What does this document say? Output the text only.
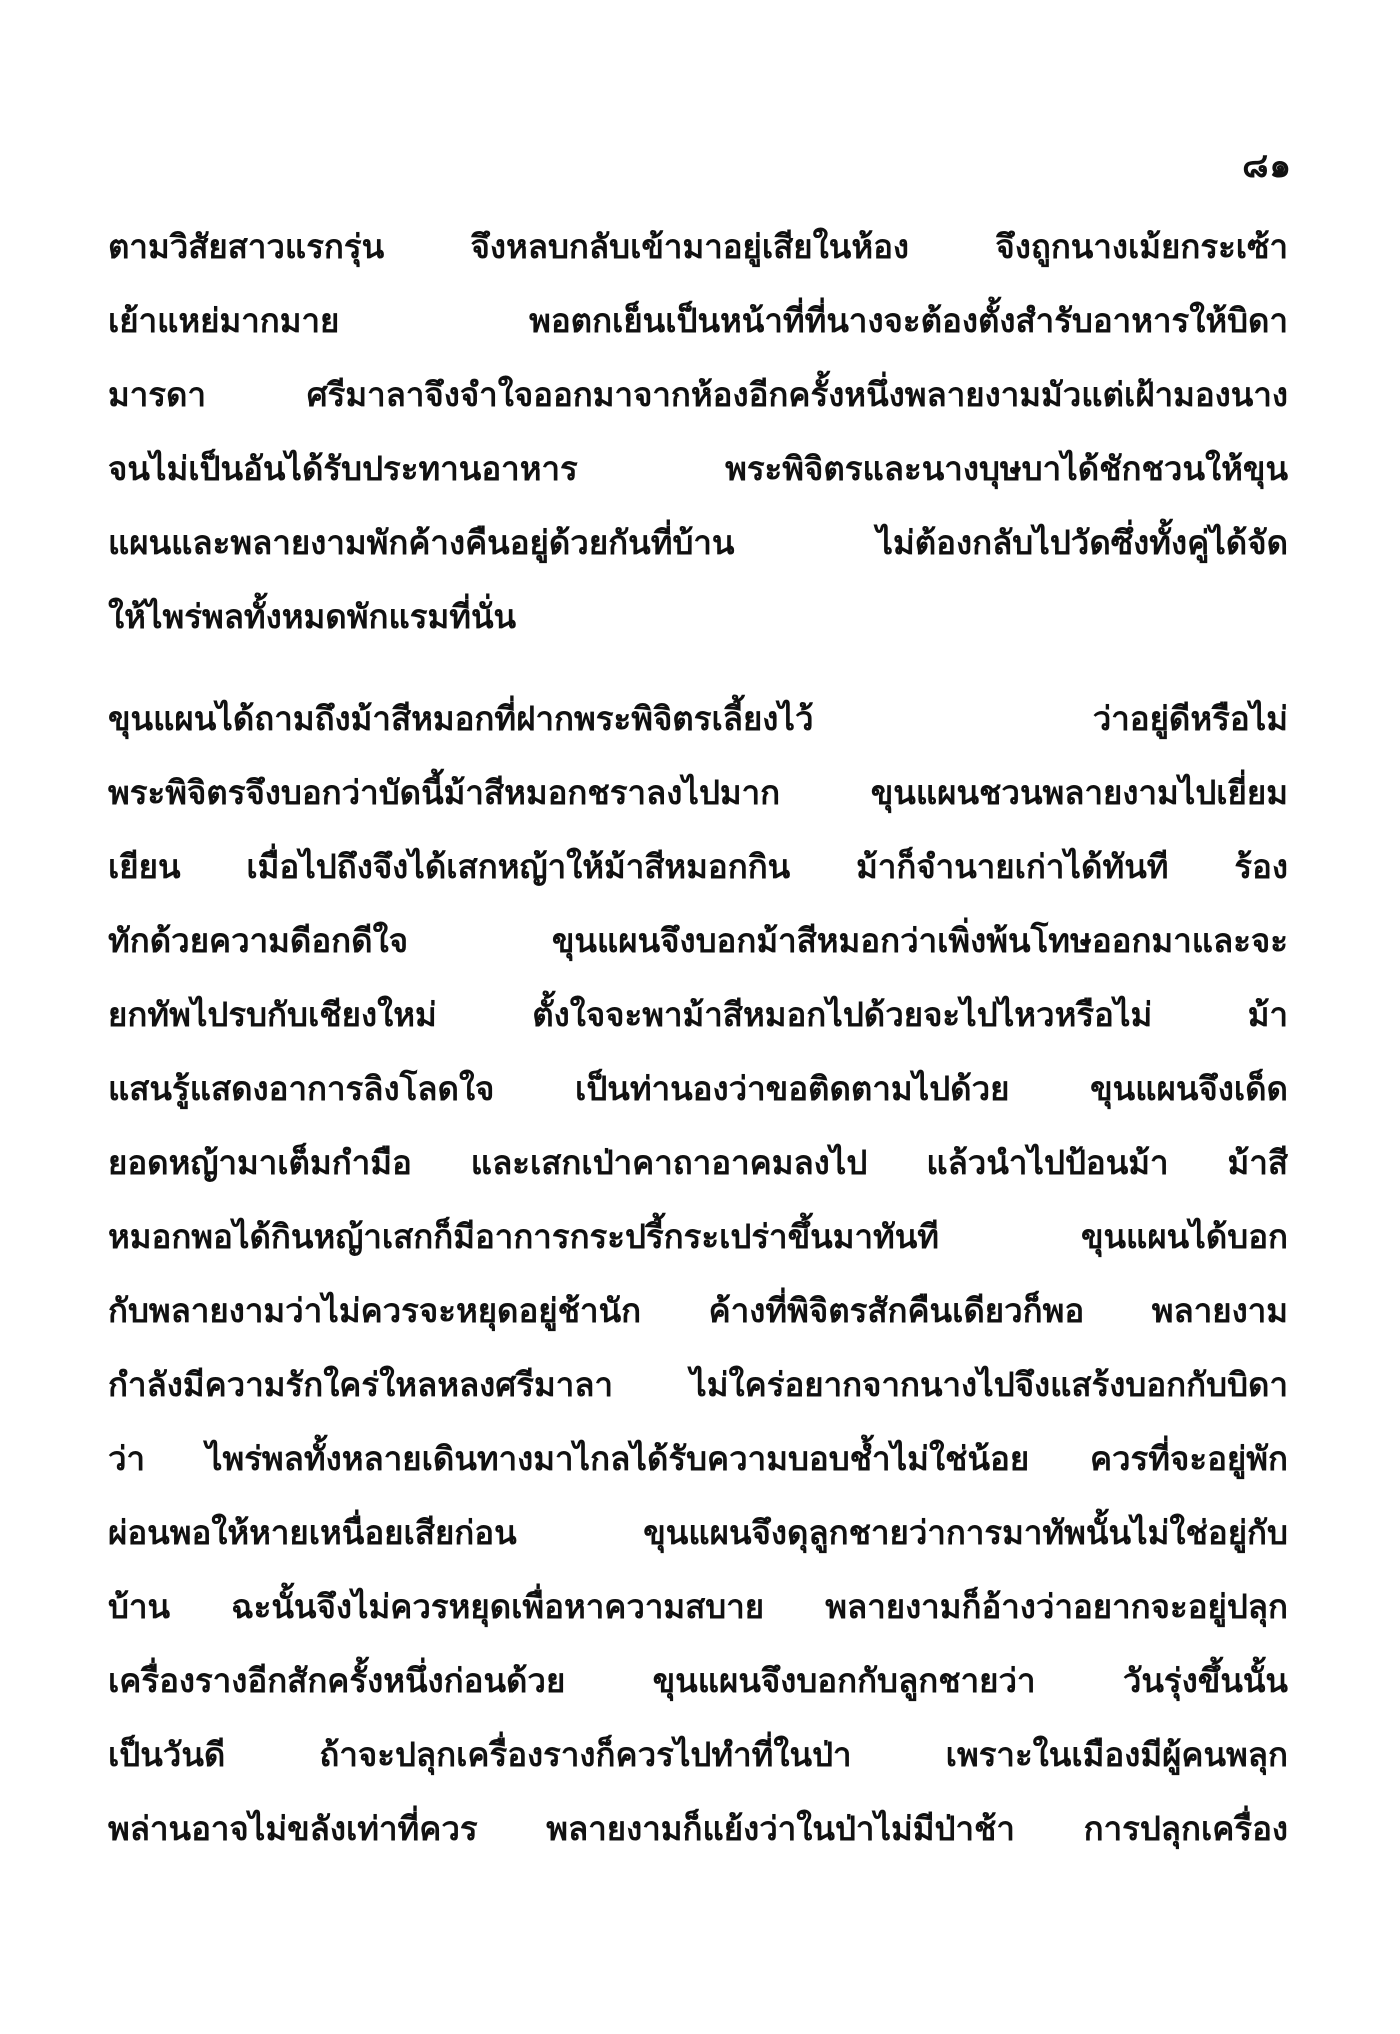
๘๑
ตามวิสัยสาวแรกรุ่น จึงหลบกลับเข้ามาอยู่เสียในห้อง จึงถูกนางเม้ยกระเซ้า
เย้าแหย่มากมาย พอตกเย็นเป็นหน้าที่ที่นางจะต้องตั้งสำรับอาหารให้บิดา
มารดา ศรีมาลาจึงจำใจออกมาจากห้องอีกครั้งหนึ่งพลายงามมัวแต่เฝ้ามองนาง
จนไม่เป็นอันได้รับประทานอาหาร พระพิจิตรและนางบุษบาได้ชักชวนให้ขุน
แผนและพลายงามพักค้างคืนอยู่ด้วยกันที่บ้าน ไม่ต้องกลับไปวัดซึ่งทั้งคู่ได้จัด
ให้ไพร่พลทั้งหมดพักแรมที่นั่น
ขุนแผนได้ถามถึงม้าสีหมอกที่ฝากพระพิจิตรเลี้ยงไว้ ว่าอยู่ดีหรือไม่
พระพิจิตรจึงบอกว่าบัดนี้ม้าสีหมอกชราลงไปมาก ขุนแผนชวนพลายงามไปเยี่ยม
เยียน เมื่อไปถึงจึงได้เสกหญ้าให้ม้าสีหมอกกิน ม้าก็จำนายเก่าได้ทันที ร้อง
ทักด้วยความดีอกดีใจ ขุนแผนจึงบอกม้าสีหมอกว่าเพิ่งพ้นโทษออกมาและจะ
ยกทัพไปรบกับเชียงใหม่ ตั้งใจจะพาม้าสีหมอกไปด้วยจะไปไหวหรือไม่ ม้า
แสนรู้แสดงอาการลิงโลดใจ เป็นท่านองว่าขอติดตามไปด้วย ขุนแผนจึงเด็ด
ยอดหญ้ามาเต็มกำมือ และเสกเป่าคาถาอาคมลงไป แล้วนำไปป้อนม้า ม้าสี
หมอกพอได้กินหญ้าเสกก็มีอาการกระปรี้กระเปร่าขึ้นมาทันที ขุนแผนได้บอก
กับพลายงามว่าไม่ควรจะหยุดอยู่ช้านัก ค้างที่พิจิตรสักคืนเดียวก็พอ พลายงาม
กำลังมีความรักใคร่ใหลหลงศรีมาลา ไม่ใคร่อยากจากนางไปจึงแสร้งบอกกับบิดา
ว่า ไพร่พลทั้งหลายเดินทางมาไกลได้รับความบอบช้ำไม่ใช่น้อย ควรที่จะอยู่พัก
ผ่อนพอให้หายเหนื่อยเสียก่อน ขุนแผนจึงดุลูกชายว่าการมาทัพนั้นไม่ใช่อยู่กับ
บ้าน ฉะนั้นจึงไม่ควรหยุดเพื่อหาความสบาย พลายงามก็อ้างว่าอยากจะอยู่ปลุก
เครื่องรางอีกสักครั้งหนึ่งก่อนด้วย ขุนแผนจึงบอกกับลูกชายว่า วันรุ่งขึ้นนั้น
เป็นวันดี ถ้าจะปลุกเครื่องรางก็ควรไปทำที่ในป่า เพราะในเมืองมีผู้คนพลุก
พล่านอาจไม่ขลังเท่าที่ควร พลายงามก็แย้งว่าในป่าไม่มีป่าช้า การปลุกเครื่อง
